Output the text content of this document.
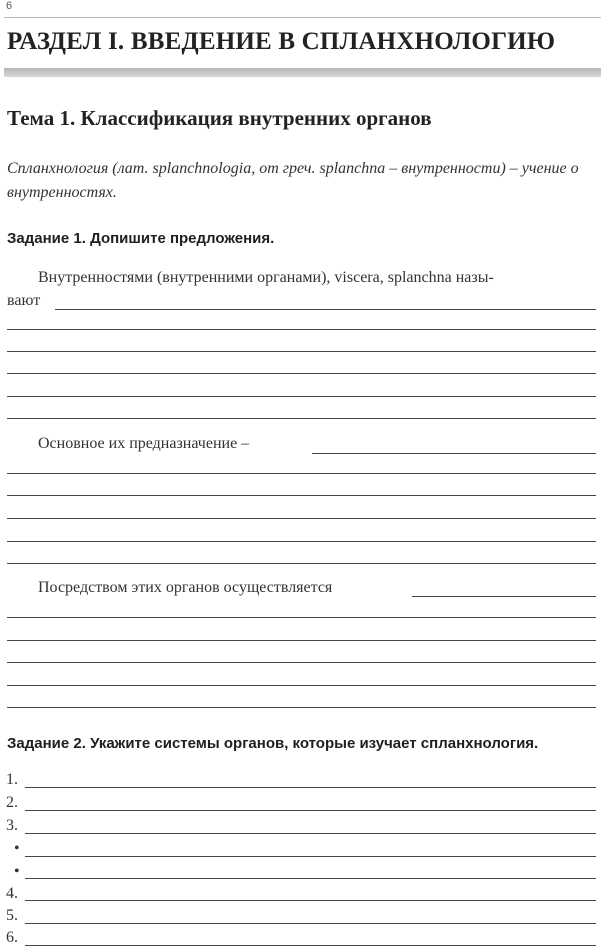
6
РАЗДЕЛ I. ВВЕДЕНИЕ В СПЛАНХНОЛОГИЮ
Тема 1. Классификация внутренних органов
Спланхнология (лат. splanchnologia, от греч. splanchna – внутренности) – учение о внутренностях.
Задание 1. Допишите предложения.
Внутренностями (внутренними органами), viscera, splanchna назы-
вают
Основное их предназначение –
Посредством этих органов осуществляется
Задание 2. Укажите системы органов, которые изучает спланхнология.
1.
2.
3.
•
•
4.
5.
6.
